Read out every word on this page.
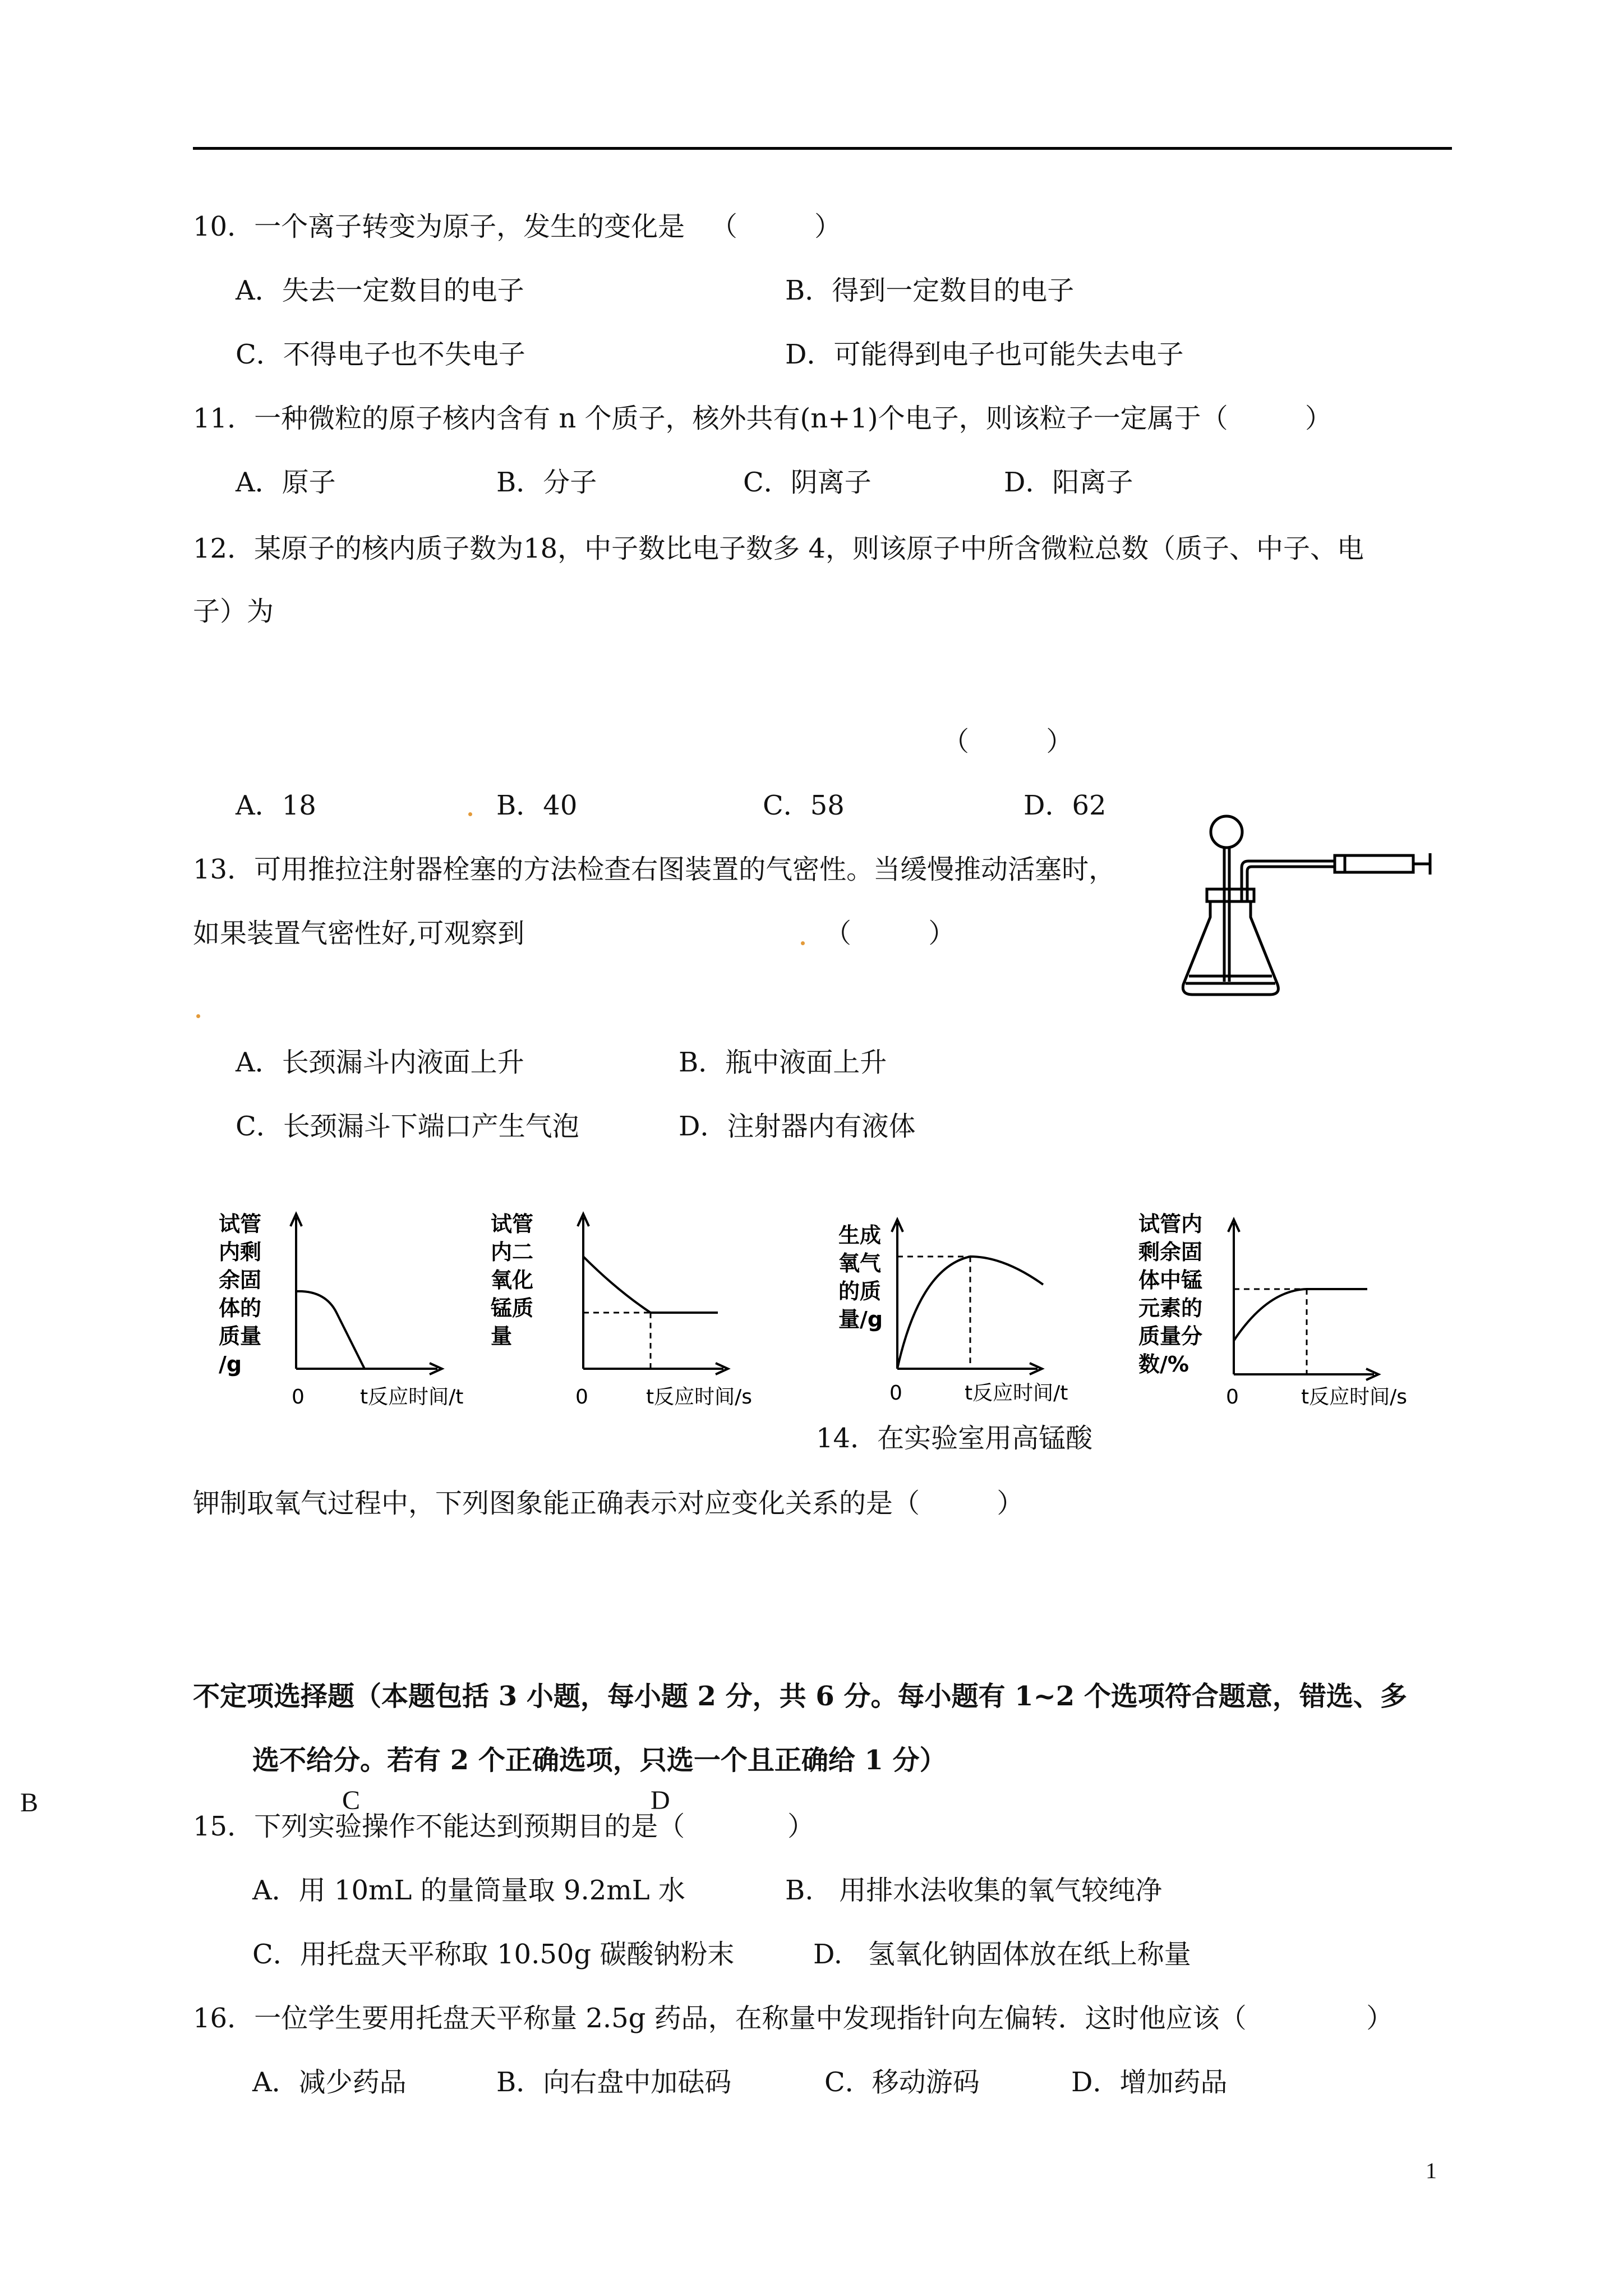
10．一个离子转变为原子，发生的变化是   （         ）
A．失去一定数目的电子	B．得到一定数目的电子
C．不得电子也不失电子	D．可能得到电子也可能失去电子
11．一种微粒的原子核内含有 n 个质子，核外共有(n+1)个电子，则该粒子一定属于（         ）
A．原子	B．分子	C．阴离子	D．阳离子
12．某原子的核内质子数为18，中子数比电子数多 4，则该原子中所含微粒总数（质子、中子、电
子）为
（         ）
A．18	B．40	C．58	D．62
13．可用推拉注射器栓塞的方法检查右图装置的气密性。当缓慢推动活塞时，
如果装置气密性好,可观察到	（         ）
A．长颈漏斗内液面上升	B．瓶中液面上升
C．长颈漏斗下端口产生气泡	D．注射器内有液体
试管
内剩
余固
体的
质量
/g
0	t反应时间/t
试管
内二
氧化
锰质
量
0	t反应时间/s
生成
氧气
的质
量/g
0	t反应时间/t
试管内
剩余固
体中锰
元素的
质量分
数/%
0	t反应时间/s
14．在实验室用高锰酸
钾制取氧气过程中，下列图象能正确表示对应变化关系的是（         ）
不定项选择题（本题包括 3 小题，每小题 2 分，共 6 分。每小题有 1~2 个选项符合题意，错选、多
选不给分。若有 2 个正确选项，只选一个且正确给 1 分）
B	C	D
15．下列实验操作不能达到预期目的是（            ）
A．用 10mL 的量筒量取 9.2mL 水	B.   用排水法收集的氧气较纯净
C．用托盘天平称取 10.50g 碳酸钠粉末	D.   氢氧化钠固体放在纸上称量
16．一位学生要用托盘天平称量 2.5g 药品，在称量中发现指针向左偏转．这时他应该（              ）
A．减少药品	B．向右盘中加砝码	C．移动游码	D．增加药品
1
